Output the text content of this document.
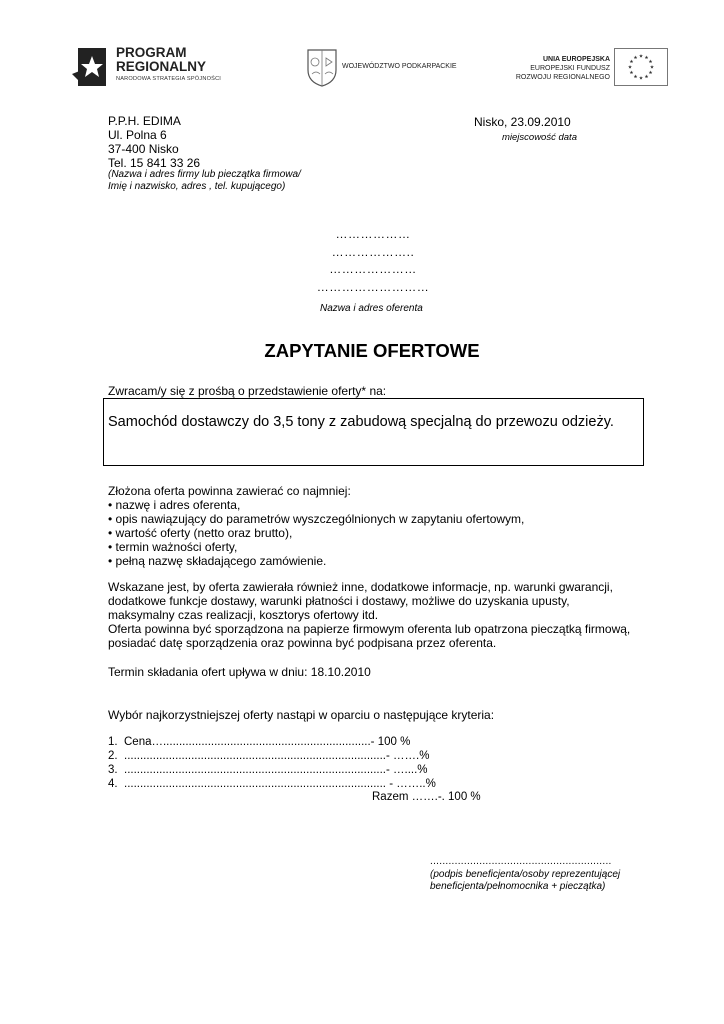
PROGRAM
REGIONALNY
NARODOWA STRATEGIA SPÓJNOŚCI
WOJEWÓDZTWO PODKARPACKIE
UNIA EUROPEJSKA
EUROPEJSKI FUNDUSZ
ROZWOJU REGIONALNEGO
P.P.H. EDIMA
Ul. Polna 6
37-400 Nisko
Tel. 15 841 33 26
(Nazwa i adres firmy lub pieczątka firmowa/
Imię i nazwisko, adres , tel. kupującego)
Nisko, 23.09.2010
miejscowość data
………………
………………..
…………………
………………………
Nazwa i adres oferenta
ZAPYTANIE OFERTOWE
Zwracam/y się z prośbą o przedstawienie oferty* na:
Samochód dostawczy do 3,5 tony z zabudową specjalną do przewozu odzieży.
Złożona oferta powinna zawierać co najmniej:
• nazwę i adres oferenta,
• opis nawiązujący do parametrów wyszczególnionych w zapytaniu ofertowym,
• wartość oferty (netto oraz brutto),
• termin ważności oferty,
• pełną nazwę składającego zamówienie.
Wskazane jest, by oferta zawierała również inne, dodatkowe informacje, np. warunki gwarancji,
dodatkowe funkcje dostawy, warunki płatności i dostawy, możliwe do uzyskania upusty,
maksymalny czas realizacji, kosztorys ofertowy itd.
Oferta powinna być sporządzona na papierze firmowym oferenta lub opatrzona pieczątką firmową,
posiadać datę sporządzenia oraz powinna być podpisana przez oferenta.
Termin składania ofert upływa w dniu: 18.10.2010
Wybór najkorzystniejszej oferty nastąpi w oparciu o następujące kryteria:
1. Cena….................................................................- 100 %
2. ..................................................................................- …….%
3. ..................................................................................- …....%
4. .................................................................................. - ……..%
Razem …….-. 100 %
...........................................................
(podpis beneficjenta/osoby reprezentującej
beneficjenta/pełnomocnika + pieczątka)
